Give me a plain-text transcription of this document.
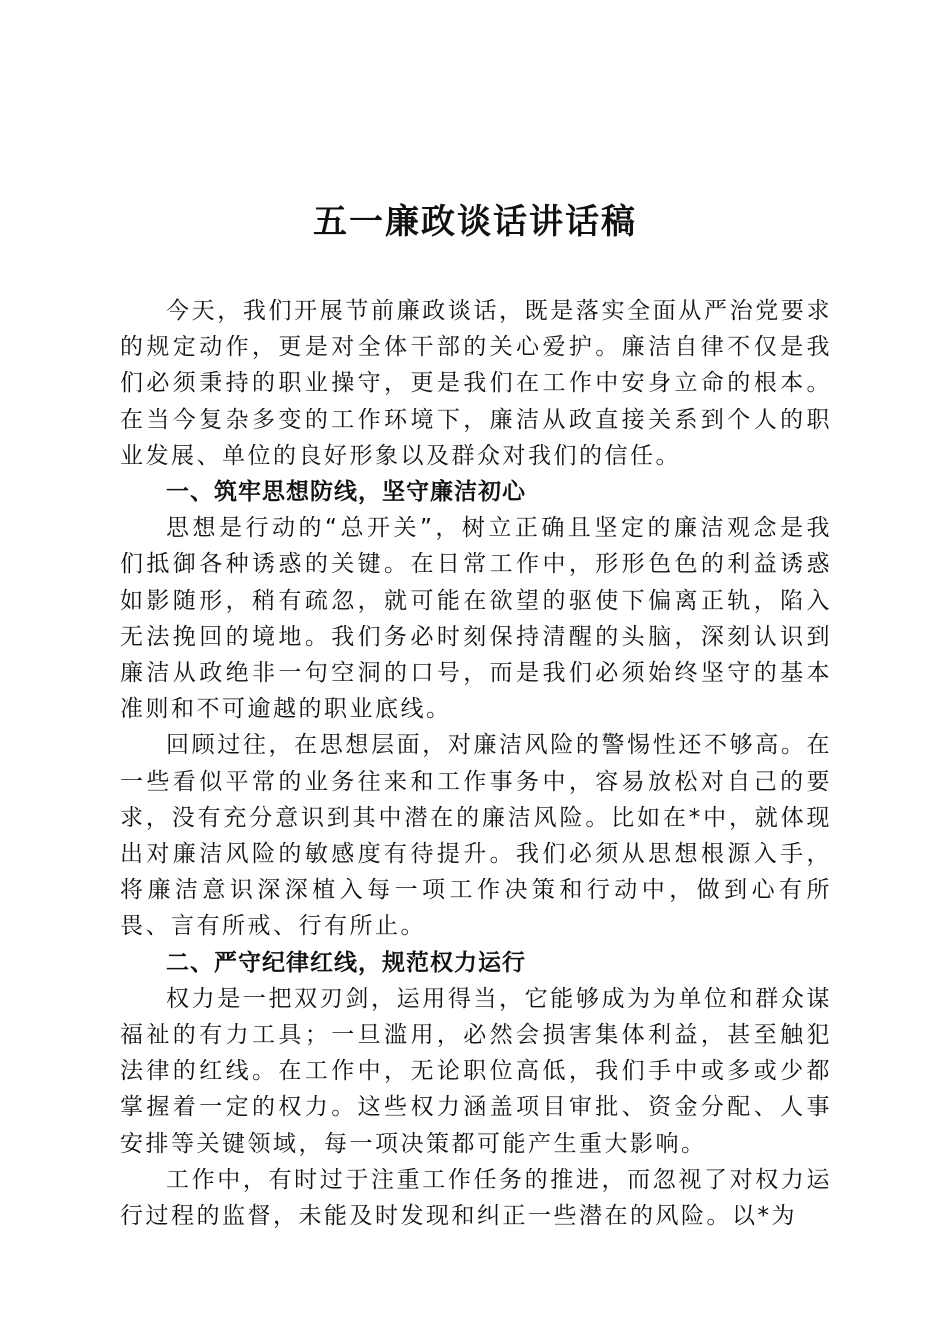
五一廉政谈话讲话稿

今天，我们开展节前廉政谈话，既是落实全面从严治党要求的规定动作，更是对全体干部的关心爱护。廉洁自律不仅是我们必须秉持的职业操守，更是我们在工作中安身立命的根本。在当今复杂多变的工作环境下，廉洁从政直接关系到个人的职业发展、单位的良好形象以及群众对我们的信任。

一、筑牢思想防线，坚守廉洁初心

思想是行动的“总开关”，树立正确且坚定的廉洁观念是我们抵御各种诱惑的关键。在日常工作中，形形色色的利益诱惑如影随形，稍有疏忽，就可能在欲望的驱使下偏离正轨，陷入无法挽回的境地。我们务必时刻保持清醒的头脑，深刻认识到廉洁从政绝非一句空洞的口号，而是我们必须始终坚守的基本准则和不可逾越的职业底线。

回顾过往，在思想层面，对廉洁风险的警惕性还不够高。在一些看似平常的业务往来和工作事务中，容易放松对自己的要求，没有充分意识到其中潜在的廉洁风险。比如在*中，就体现出对廉洁风险的敏感度有待提升。我们必须从思想根源入手，将廉洁意识深深植入每一项工作决策和行动中，做到心有所畏、言有所戒、行有所止。

二、严守纪律红线，规范权力运行

权力是一把双刃剑，运用得当，它能够成为为单位和群众谋福祉的有力工具；一旦滥用，必然会损害集体利益，甚至触犯法律的红线。在工作中，无论职位高低，我们手中或多或少都掌握着一定的权力。这些权力涵盖项目审批、资金分配、人事安排等关键领域，每一项决策都可能产生重大影响。

工作中，有时过于注重工作任务的推进，而忽视了对权力运行过程的监督，未能及时发现和纠正一些潜在的风险。以*为
